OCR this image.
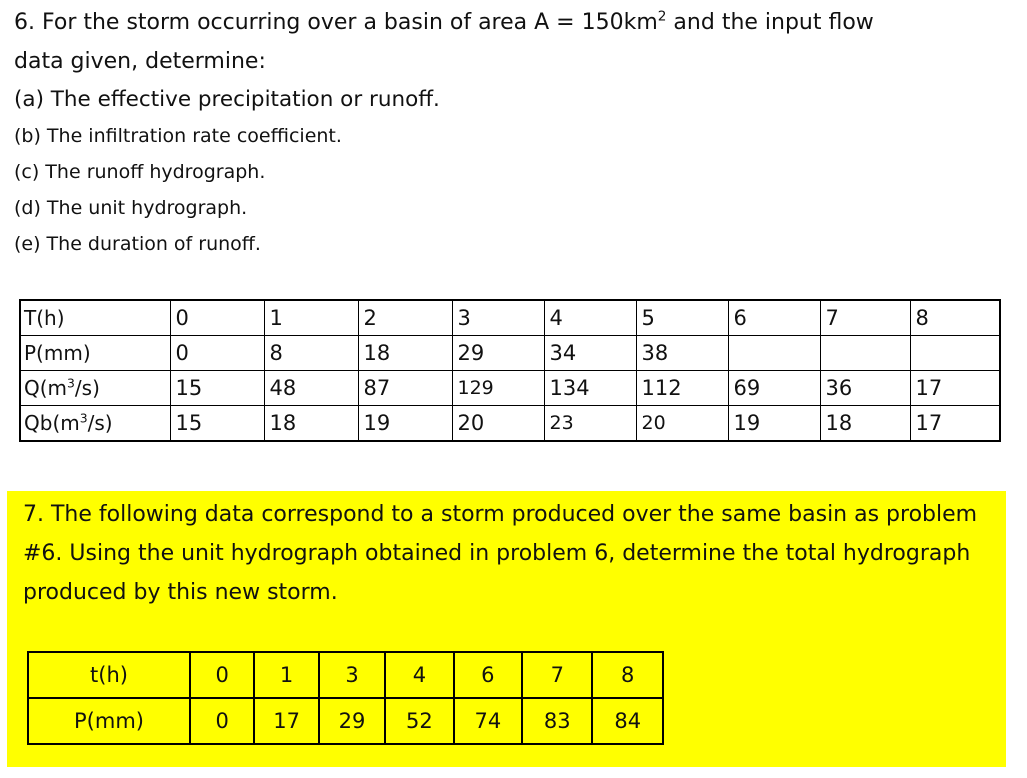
6. For the storm occurring over a basin of area $A = 150km^2$ and the input flow
data given, determine:
(a) The effective precipitation or runoff.
(b) The infiltration rate coefficient.
(c) The runoff hydrograph.
(d) The unit hydrograph.
(e) The duration of runoff.
T(h)	0	1	2	3	4	5	6	7	8
P(mm)	0	8	18	29	34	38			
$Q(m^3/s)$	15	48	87	129	134	112	69	36	17
$Qb(m^3/s)$	15	18	19	20	23	20	19	18	17
7. The following data correspond to a storm produced over the same basin as problem #6. Using the unit hydrograph obtained in problem 6, determine the total hydrograph produced by this new storm.
t(h)	0	1	3	4	6	7	8
P(mm)	0	17	29	52	74	83	84
